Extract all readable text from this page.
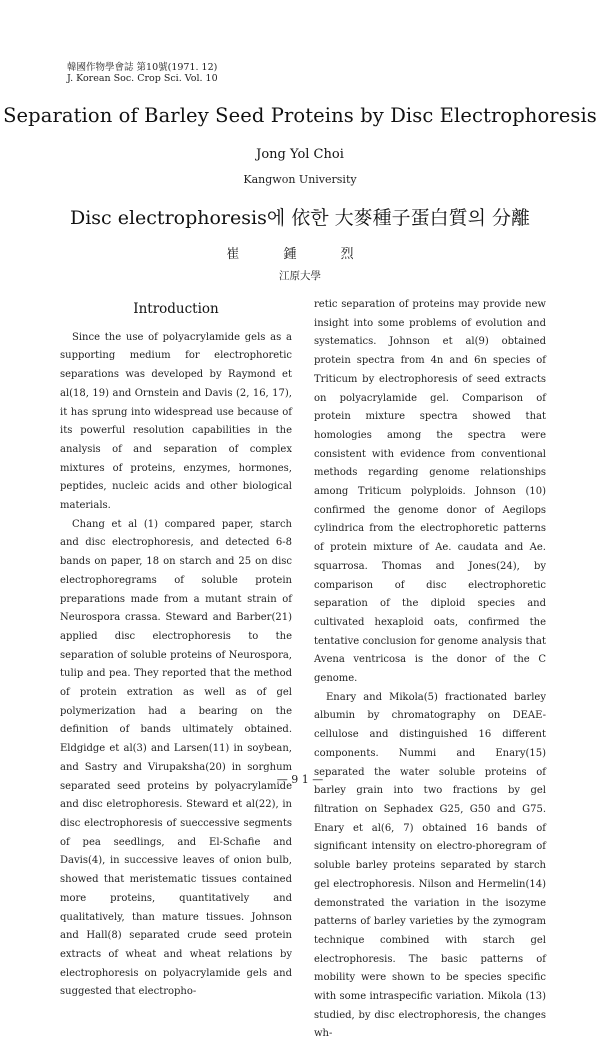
韓國作物學會誌 第10號(1971. 12)
J. Korean Soc. Crop Sci. Vol. 10
Separation of Barley Seed Proteins by Disc Electrophoresis
Jong Yol Choi
Kangwon University
Disc electrophoresis에 依한 大麥種子蛋白質의 分離
崔 鍾 烈
江原大學
Introduction

Since the use of polyacrylamide gels as a supporting medium for electrophoretic separations was developed by Raymond et al(18, 19) and Ornstein and Davis (2, 16, 17), it has sprung into widespread use because of its powerful resolution capabilities in the analysis of and separation of complex mixtures of proteins, enzymes, hormones, peptides, nucleic acids and other biological materials.

Chang et al (1) compared paper, starch and disc electrophoresis, and detected 6-8 bands on paper, 18 on starch and 25 on disc electrophoregrams of soluble protein preparations made from a mutant strain of Neurospora crassa. Steward and Barber(21) applied disc electrophoresis to the separation of soluble proteins of Neurospora, tulip and pea. They reported that the method of protein extration as well as of gel polymerization had a bearing on the definition of bands ultimately obtained. Eldgidge et al(3) and Larsen(11) in soybean, and Sastry and Virupaksha(20) in sorghum separated seed proteins by polyacrylamide and disc eletrophoresis. Steward et al(22), in disc electrophoresis of sueccessive segments of pea seedlings, and El-Schafie and Davis(4), in successive leaves of onion bulb, showed that meristematic tissues contained more proteins, quantitatively and qualitatively, than mature tissues. Johnson and Hall(8) separated crude seed protein extracts of wheat and wheat relations by electrophoresis on polyacrylamide gels and suggested that electropho-

retic separation of proteins may provide new insight into some problems of evolution and systematics. Johnson et al(9) obtained protein spectra from 4n and 6n species of Triticum by electrophoresis of seed extracts on polyacrylamide gel. Comparison of protein mixture spectra showed that homologies among the spectra were consistent with evidence from conventional methods regarding genome relationships among Triticum polyploids. Johnson (10) confirmed the genome donor of Aegilops cylindrica from the electrophoretic patterns of protein mixture of Ae. caudata and Ae. squarrosa. Thomas and Jones(24), by comparison of disc electrophoretic separation of the diploid species and cultivated hexaploid oats, confirmed the tentative conclusion for genome analysis that Avena ventricosa is the donor of the C genome.

Enary and Mikola(5) fractionated barley albumin by chromatography on DEAE-cellulose and distinguished 16 different components. Nummi and Enary(15) separated the water soluble proteins of barley grain into two fractions by gel filtration on Sephadex G25, G50 and G75. Enary et al(6, 7) obtained 16 bands of significant intensity on electro-phoregram of soluble barley proteins separated by starch gel electrophoresis. Nilson and Hermelin(14) demonstrated the variation in the isozyme patterns of barley varieties by the zymogram technique combined with starch gel electrophoresis. The basic patterns of mobility were shown to be species specific with some intraspecific variation. Mikola (13) studied, by disc electrophoresis, the changes wh-

— 9 1 —
